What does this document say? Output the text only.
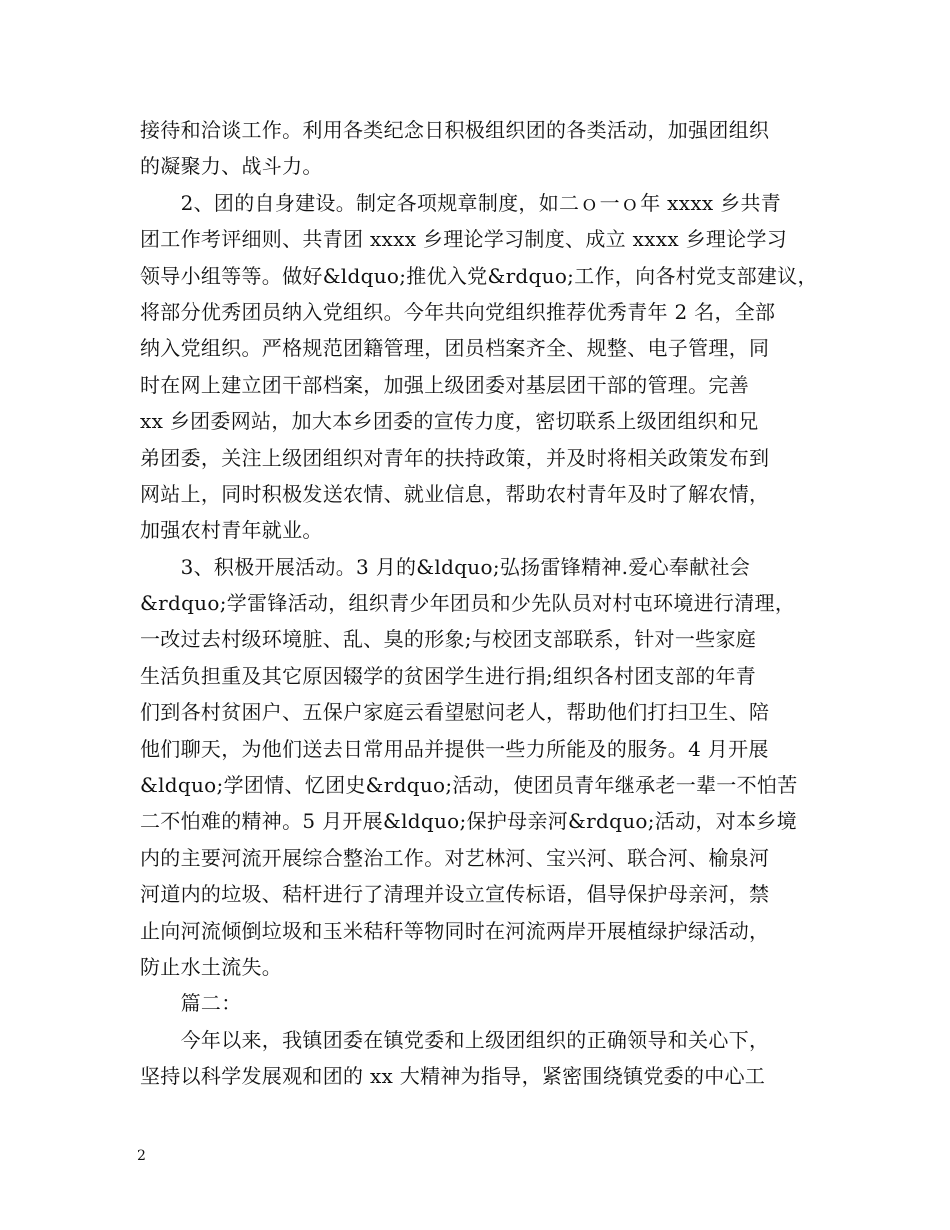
接待和洽谈工作。利用各类纪念日积极组织团的各类活动，加强团组织
的凝聚力、战斗力。
　　2、团的自身建设。制定各项规章制度，如二ｏ一ｏ年 xxxx 乡共青
团工作考评细则、共青团 xxxx 乡理论学习制度、成立 xxxx 乡理论学习
领导小组等等。做好&ldquo;推优入党&rdquo;工作，向各村党支部建议，
将部分优秀团员纳入党组织。今年共向党组织推荐优秀青年 2 名，全部
纳入党组织。严格规范团籍管理，团员档案齐全、规整、电子管理，同
时在网上建立团干部档案，加强上级团委对基层团干部的管理。完善
xx 乡团委网站，加大本乡团委的宣传力度，密切联系上级团组织和兄
弟团委，关注上级团组织对青年的扶持政策，并及时将相关政策发布到
网站上，同时积极发送农情、就业信息，帮助农村青年及时了解农情，
加强农村青年就业。
　　3、积极开展活动。3 月的&ldquo;弘扬雷锋精神.爱心奉献社会
&rdquo;学雷锋活动，组织青少年团员和少先队员对村屯环境进行清理，
一改过去村级环境脏、乱、臭的形象;与校团支部联系，针对一些家庭
生活负担重及其它原因辍学的贫困学生进行捐;组织各村团支部的年青
们到各村贫困户、五保户家庭云看望慰问老人，帮助他们打扫卫生、陪
他们聊天，为他们送去日常用品并提供一些力所能及的服务。4 月开展
&ldquo;学团情、忆团史&rdquo;活动，使团员青年继承老一辈一不怕苦
二不怕难的精神。5 月开展&ldquo;保护母亲河&rdquo;活动，对本乡境
内的主要河流开展综合整治工作。对艺林河、宝兴河、联合河、榆泉河
河道内的垃圾、秸杆进行了清理并设立宣传标语，倡导保护母亲河，禁
止向河流倾倒垃圾和玉米秸秆等物同时在河流两岸开展植绿护绿活动，
防止水土流失。
　　篇二：
　　今年以来，我镇团委在镇党委和上级团组织的正确领导和关心下，
坚持以科学发展观和团的 xx 大精神为指导，紧密围绕镇党委的中心工
2
